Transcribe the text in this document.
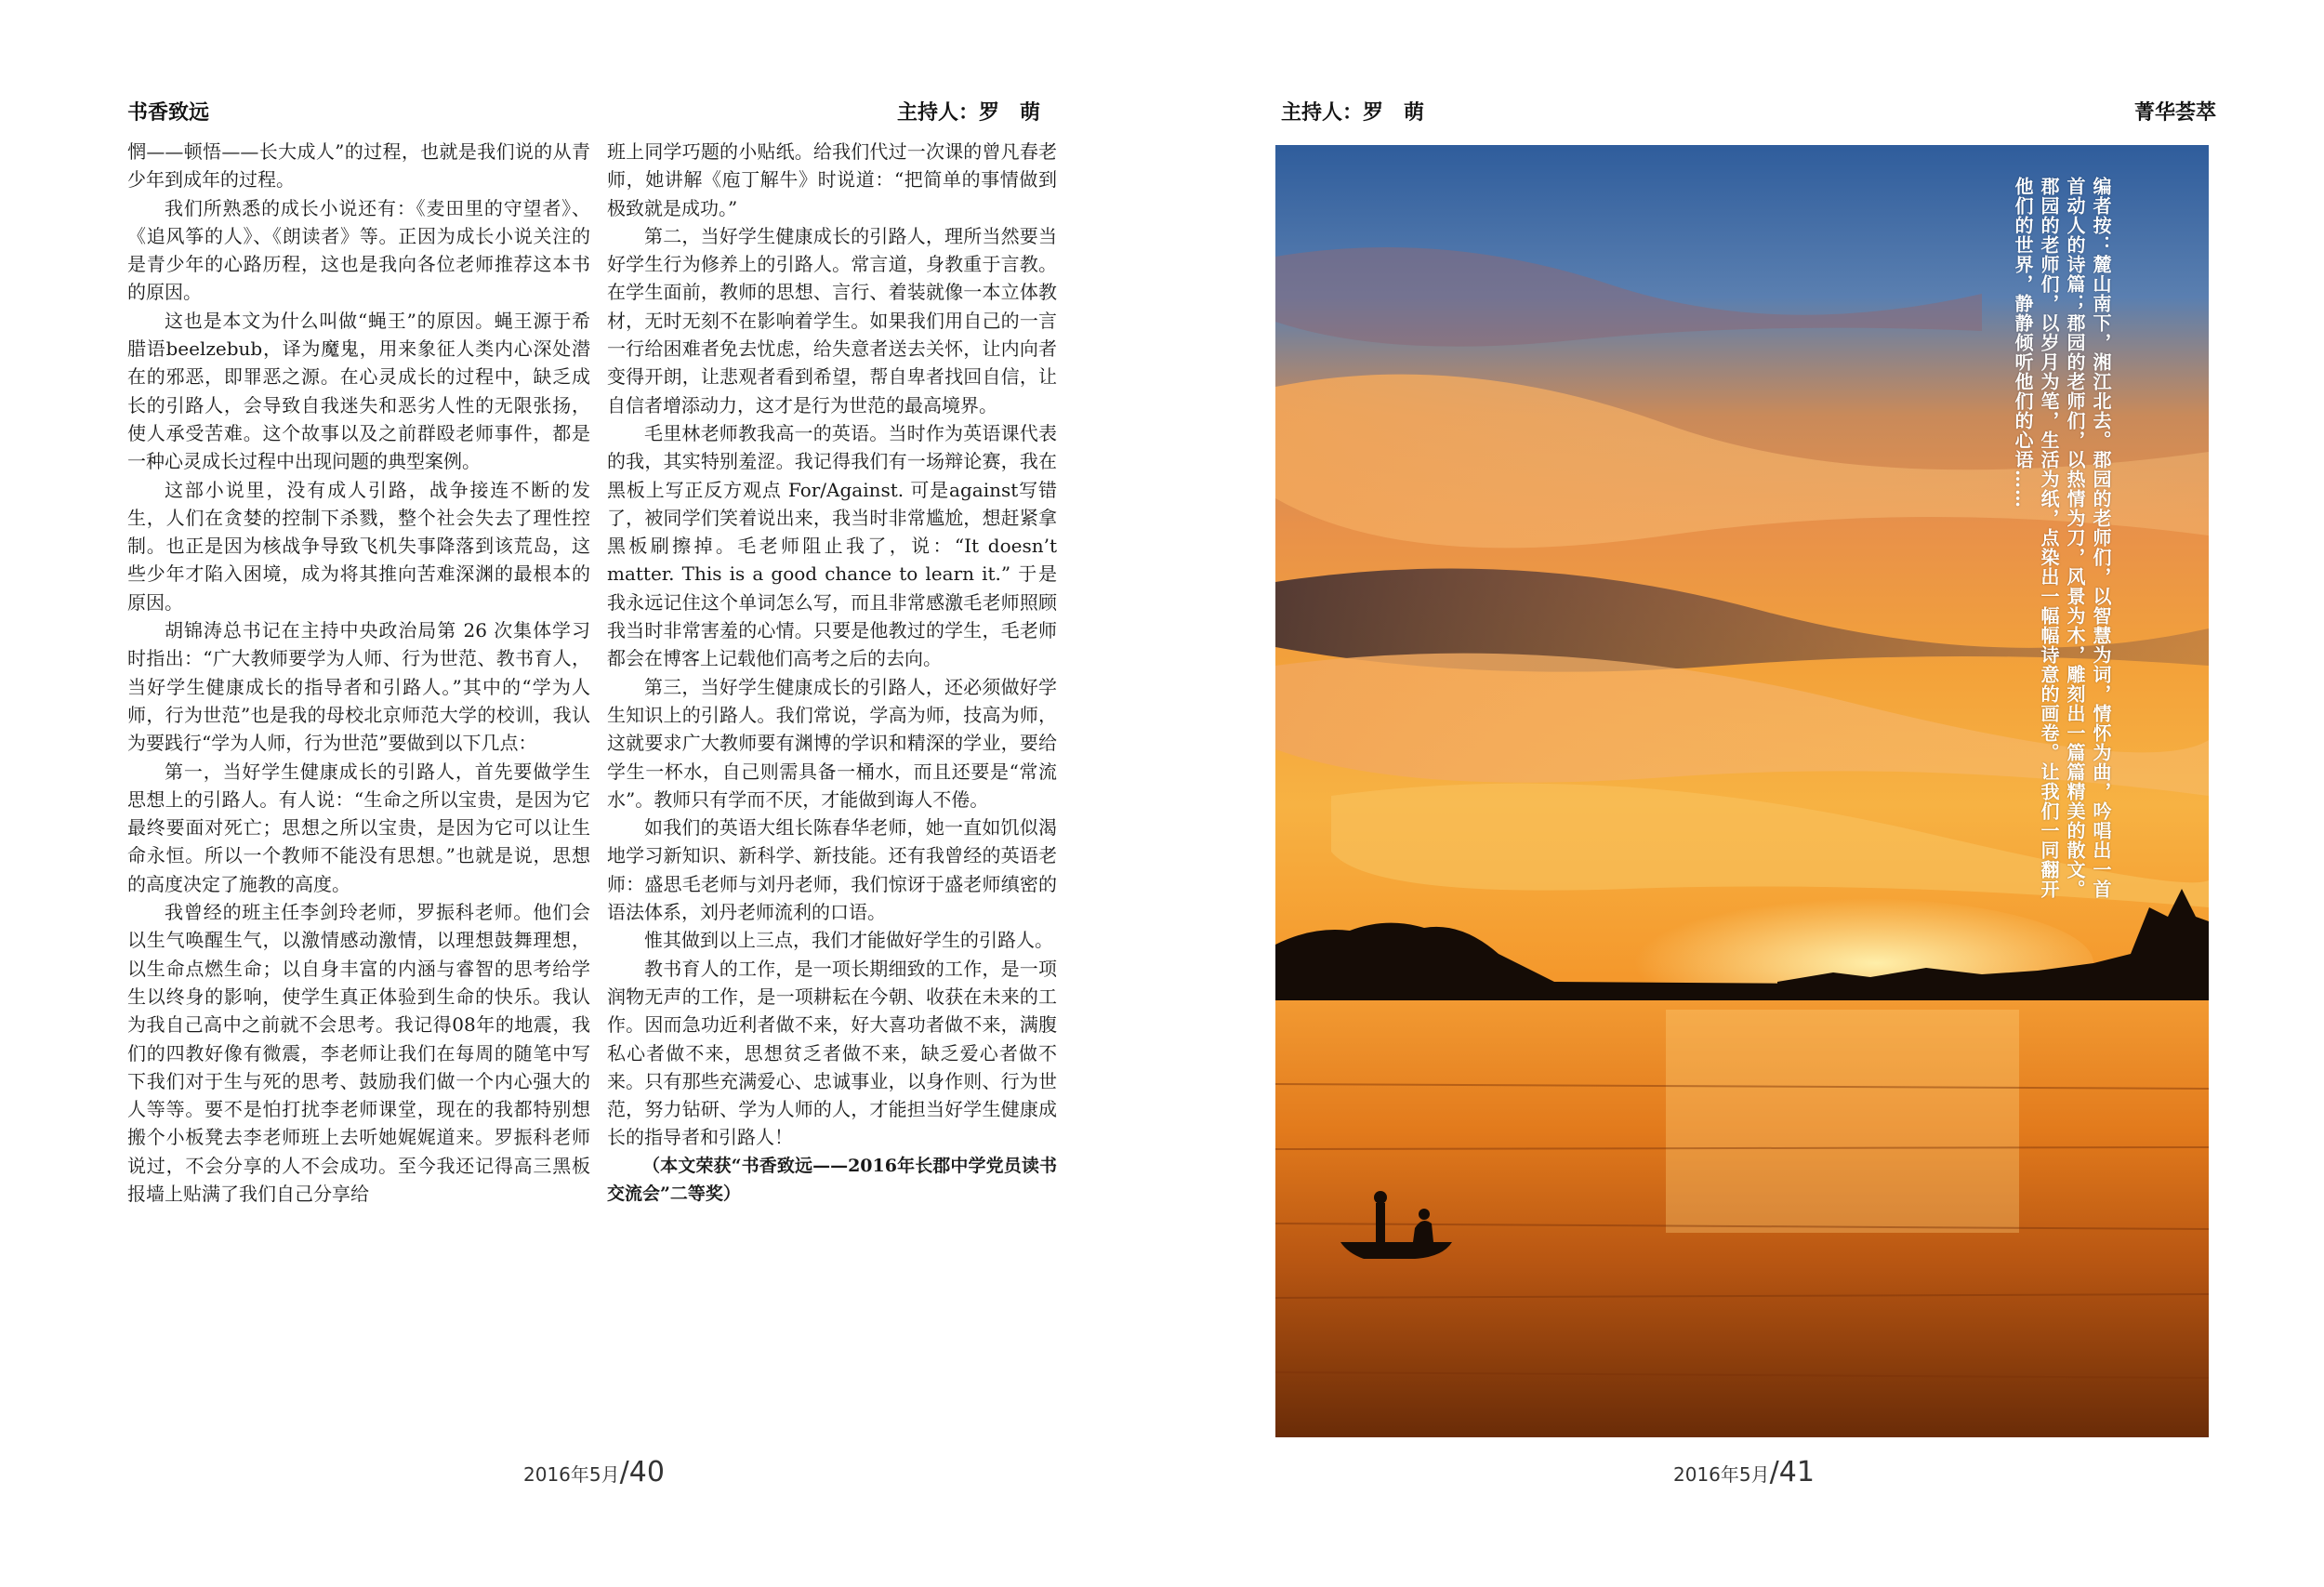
书香致远	主持人：罗　萌

惘——顿悟——长大成人”的过程，也就是我们说的从青少年到成年的过程。

我们所熟悉的成长小说还有：《麦田里的守望者》、《追风筝的人》、《朗读者》等。正因为成长小说关注的是青少年的心路历程，这也是我向各位老师推荐这本书的原因。

这也是本文为什么叫做“蝇王”的原因。蝇王源于希腊语beelzebub，译为魔鬼，用来象征人类内心深处潜在的邪恶，即罪恶之源。在心灵成长的过程中，缺乏成长的引路人，会导致自我迷失和恶劣人性的无限张扬，使人承受苦难。这个故事以及之前群殴老师事件，都是一种心灵成长过程中出现问题的典型案例。

这部小说里，没有成人引路，战争接连不断的发生，人们在贪婪的控制下杀戮，整个社会失去了理性控制。也正是因为核战争导致飞机失事降落到该荒岛，这些少年才陷入困境，成为将其推向苦难深渊的最根本的原因。

胡锦涛总书记在主持中央政治局第 26 次集体学习时指出：“广大教师要学为人师、行为世范、教书育人，当好学生健康成长的指导者和引路人。”其中的“学为人师，行为世范”也是我的母校北京师范大学的校训，我认为要践行“学为人师，行为世范”要做到以下几点：

第一，当好学生健康成长的引路人，首先要做学生思想上的引路人。有人说：“生命之所以宝贵，是因为它最终要面对死亡；思想之所以宝贵，是因为它可以让生命永恒。所以一个教师不能没有思想。”也就是说，思想的高度决定了施教的高度。

我曾经的班主任李剑玲老师，罗振科老师。他们会以生气唤醒生气，以激情感动激情，以理想鼓舞理想，以生命点燃生命；以自身丰富的内涵与睿智的思考给学生以终身的影响，使学生真正体验到生命的快乐。我认为我自己高中之前就不会思考。我记得08年的地震，我们的四教好像有微震，李老师让我们在每周的随笔中写下我们对于生与死的思考、鼓励我们做一个内心强大的人等等。要不是怕打扰李老师课堂，现在的我都特别想搬个小板凳去李老师班上去听她娓娓道来。罗振科老师说过，不会分享的人不会成功。至今我还记得高三黑板报墙上贴满了我们自己分享给

班上同学巧题的小贴纸。给我们代过一次课的曾凡春老师，她讲解《庖丁解牛》时说道：“把简单的事情做到极致就是成功。”

第二，当好学生健康成长的引路人，理所当然要当好学生行为修养上的引路人。常言道，身教重于言教。在学生面前，教师的思想、言行、着装就像一本立体教材，无时无刻不在影响着学生。如果我们用自己的一言一行给困难者免去忧虑，给失意者送去关怀，让内向者变得开朗，让悲观者看到希望，帮自卑者找回自信，让自信者增添动力，这才是行为世范的最高境界。

毛里林老师教我高一的英语。当时作为英语课代表的我，其实特别羞涩。我记得我们有一场辩论赛，我在黑板上写正反方观点 For/Against. 可是against写错了，被同学们笑着说出来，我当时非常尴尬，想赶紧拿黑板刷擦掉。毛老师阻止我了，说：“It doesn’t matter. This is a good chance to learn it.” 于是我永远记住这个单词怎么写，而且非常感激毛老师照顾我当时非常害羞的心情。只要是他教过的学生，毛老师都会在博客上记载他们高考之后的去向。

第三，当好学生健康成长的引路人，还必须做好学生知识上的引路人。我们常说，学高为师，技高为师，这就要求广大教师要有渊博的学识和精深的学业，要给学生一杯水，自己则需具备一桶水，而且还要是“常流水”。教师只有学而不厌，才能做到诲人不倦。

如我们的英语大组长陈春华老师，她一直如饥似渴地学习新知识、新科学、新技能。还有我曾经的英语老师：盛思毛老师与刘丹老师，我们惊讶于盛老师缜密的语法体系，刘丹老师流利的口语。

惟其做到以上三点，我们才能做好学生的引路人。

教书育人的工作，是一项长期细致的工作，是一项润物无声的工作，是一项耕耘在今朝、收获在未来的工作。因而急功近利者做不来，好大喜功者做不来，满腹私心者做不来，思想贫乏者做不来，缺乏爱心者做不来。只有那些充满爱心、忠诚事业，以身作则、行为世范，努力钻研、学为人师的人，才能担当好学生健康成长的指导者和引路人！

（本文荣获“书香致远——2016年长郡中学党员读书交流会”二等奖）

2016年5月/40
主持人：罗　萌	菁华荟萃
编者按：麓山南下，湘江北去。郡园的老师们，以智慧为词，情怀为曲，吟唱出一首首动人的诗篇；郡园的老师们，以热情为刀，风景为木，雕刻出一篇篇精美的散文。郡园的老师们，以岁月为笔，生活为纸，点染出一幅幅诗意的画卷。让我们一同翻开他们的世界，静静倾听他们的心语……
2016年5月/41
